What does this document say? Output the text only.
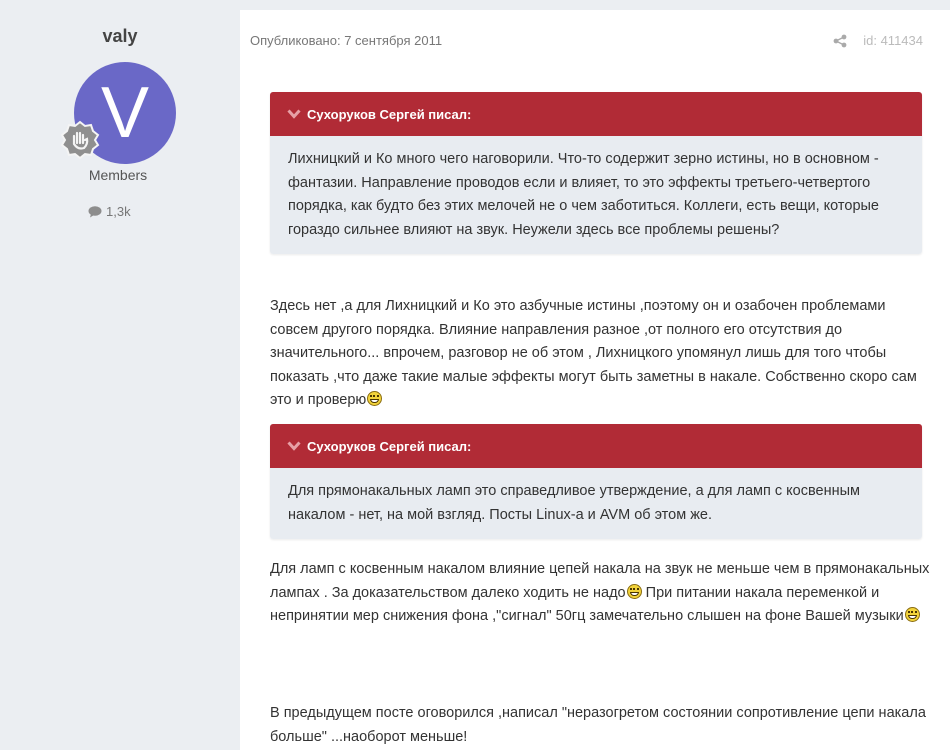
valy
V
Members
1,3k
Опубликовано: 7 сентября 2011	id: 411434
Сухоруков Сергей писал:
Лихницкий и Ко много чего наговорили. Что-то содержит зерно истины, но в основном - фантазии. Направление проводов если и влияет, то это эффекты третьего-четвертого порядка, как будто без этих мелочей не о чем заботиться. Коллеги, есть вещи, которые гораздо сильнее влияют на звук. Неужели здесь все проблемы решены?

Здесь нет ,а для Лихницкий и Ко это азбучные истины ,поэтому он и озабочен проблемами совсем другого порядка. Влияние направления разное ,от полного его отсутствия до значительного... впрочем, разговор не об этом , Лихницкого упомянул лишь для того чтобы показать ,что даже такие малые эффекты могут быть заметны в накале. Собственно скоро сам это и проверю

Сухоруков Сергей писал:
Для прямонакальных ламп это справедливое утверждение, а для ламп с косвенным накалом - нет, на мой взгляд. Посты Linux-а и AVM об этом же.

Для ламп с косвенным накалом влияние цепей накала на звук не меньше чем в прямонакальных лампах . За доказательством далеко ходить не надо При питании накала переменкой и непринятии мер снижения фона ,"сигнал" 50гц замечательно слышен на фоне Вашей музыки

В предыдущем посте оговорился ,написал "неразогретом состоянии сопротивление цепи накала больше" ...наоборот меньше!
